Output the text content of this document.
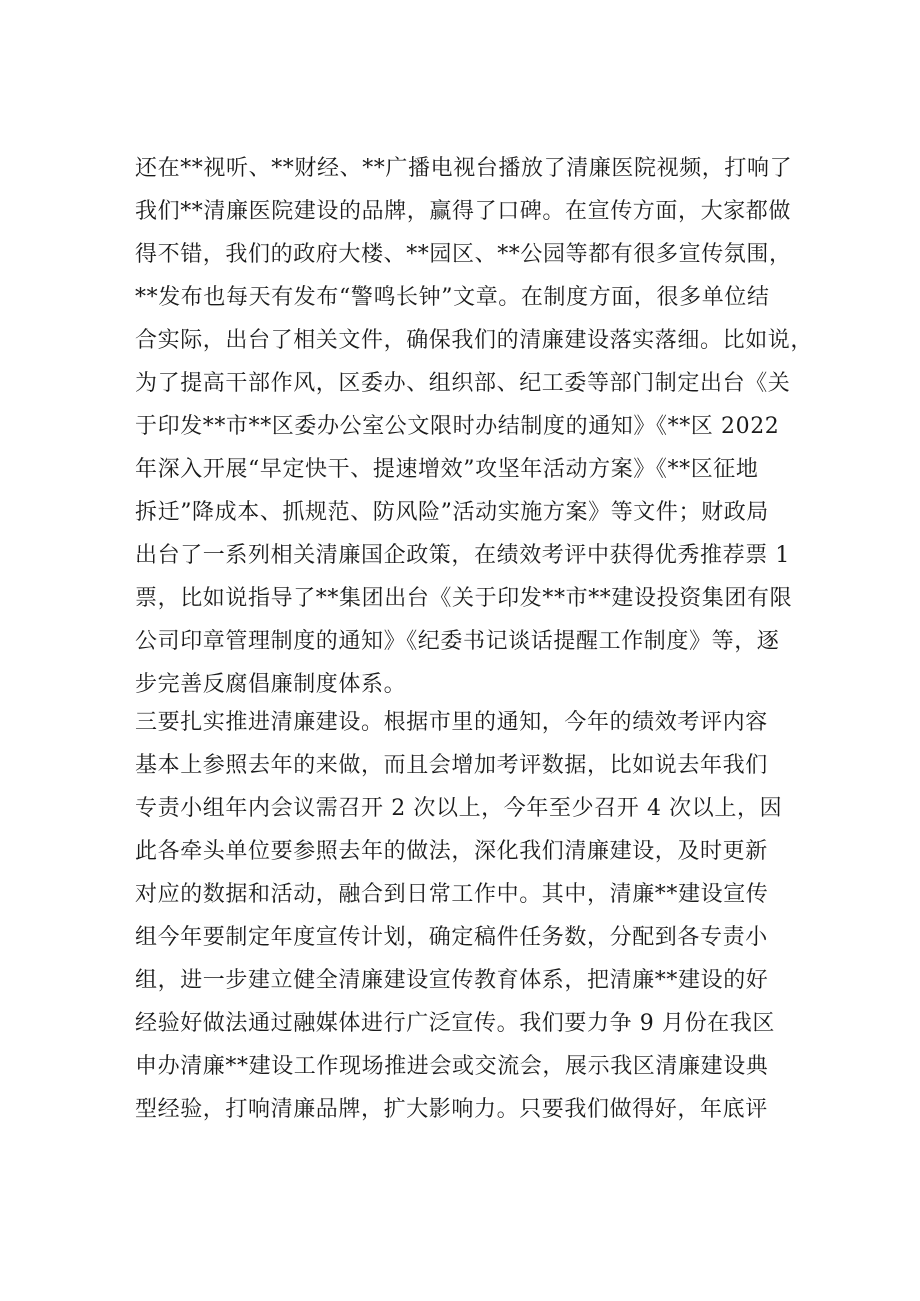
还在**视听、**财经、**广播电视台播放了清廉医院视频，打响了
我们**清廉医院建设的品牌，赢得了口碑。在宣传方面，大家都做
得不错，我们的政府大楼、**园区、**公园等都有很多宣传氛围，
**发布也每天有发布“警鸣长钟”文章。在制度方面，很多单位结
合实际，出台了相关文件，确保我们的清廉建设落实落细。比如说，
为了提高干部作风，区委办、组织部、纪工委等部门制定出台《关
于印发**市**区委办公室公文限时办结制度的通知》《**区 2022
年深入开展“早定快干、提速增效”攻坚年活动方案》《**区征地
拆迁”降成本、抓规范、防风险”活动实施方案》等文件；财政局
出台了一系列相关清廉国企政策，在绩效考评中获得优秀推荐票 1
票，比如说指导了**集团出台《关于印发**市**建设投资集团有限
公司印章管理制度的通知》《纪委书记谈话提醒工作制度》等，逐
步完善反腐倡廉制度体系。
三要扎实推进清廉建设。根据市里的通知，今年的绩效考评内容
基本上参照去年的来做，而且会增加考评数据，比如说去年我们
专责小组年内会议需召开 2 次以上，今年至少召开 4 次以上，因
此各牵头单位要参照去年的做法，深化我们清廉建设，及时更新
对应的数据和活动，融合到日常工作中。其中，清廉**建设宣传
组今年要制定年度宣传计划，确定稿件任务数，分配到各专责小
组，进一步建立健全清廉建设宣传教育体系，把清廉**建设的好
经验好做法通过融媒体进行广泛宣传。我们要力争 9 月份在我区
申办清廉**建设工作现场推进会或交流会，展示我区清廉建设典
型经验，打响清廉品牌，扩大影响力。只要我们做得好，年底评
